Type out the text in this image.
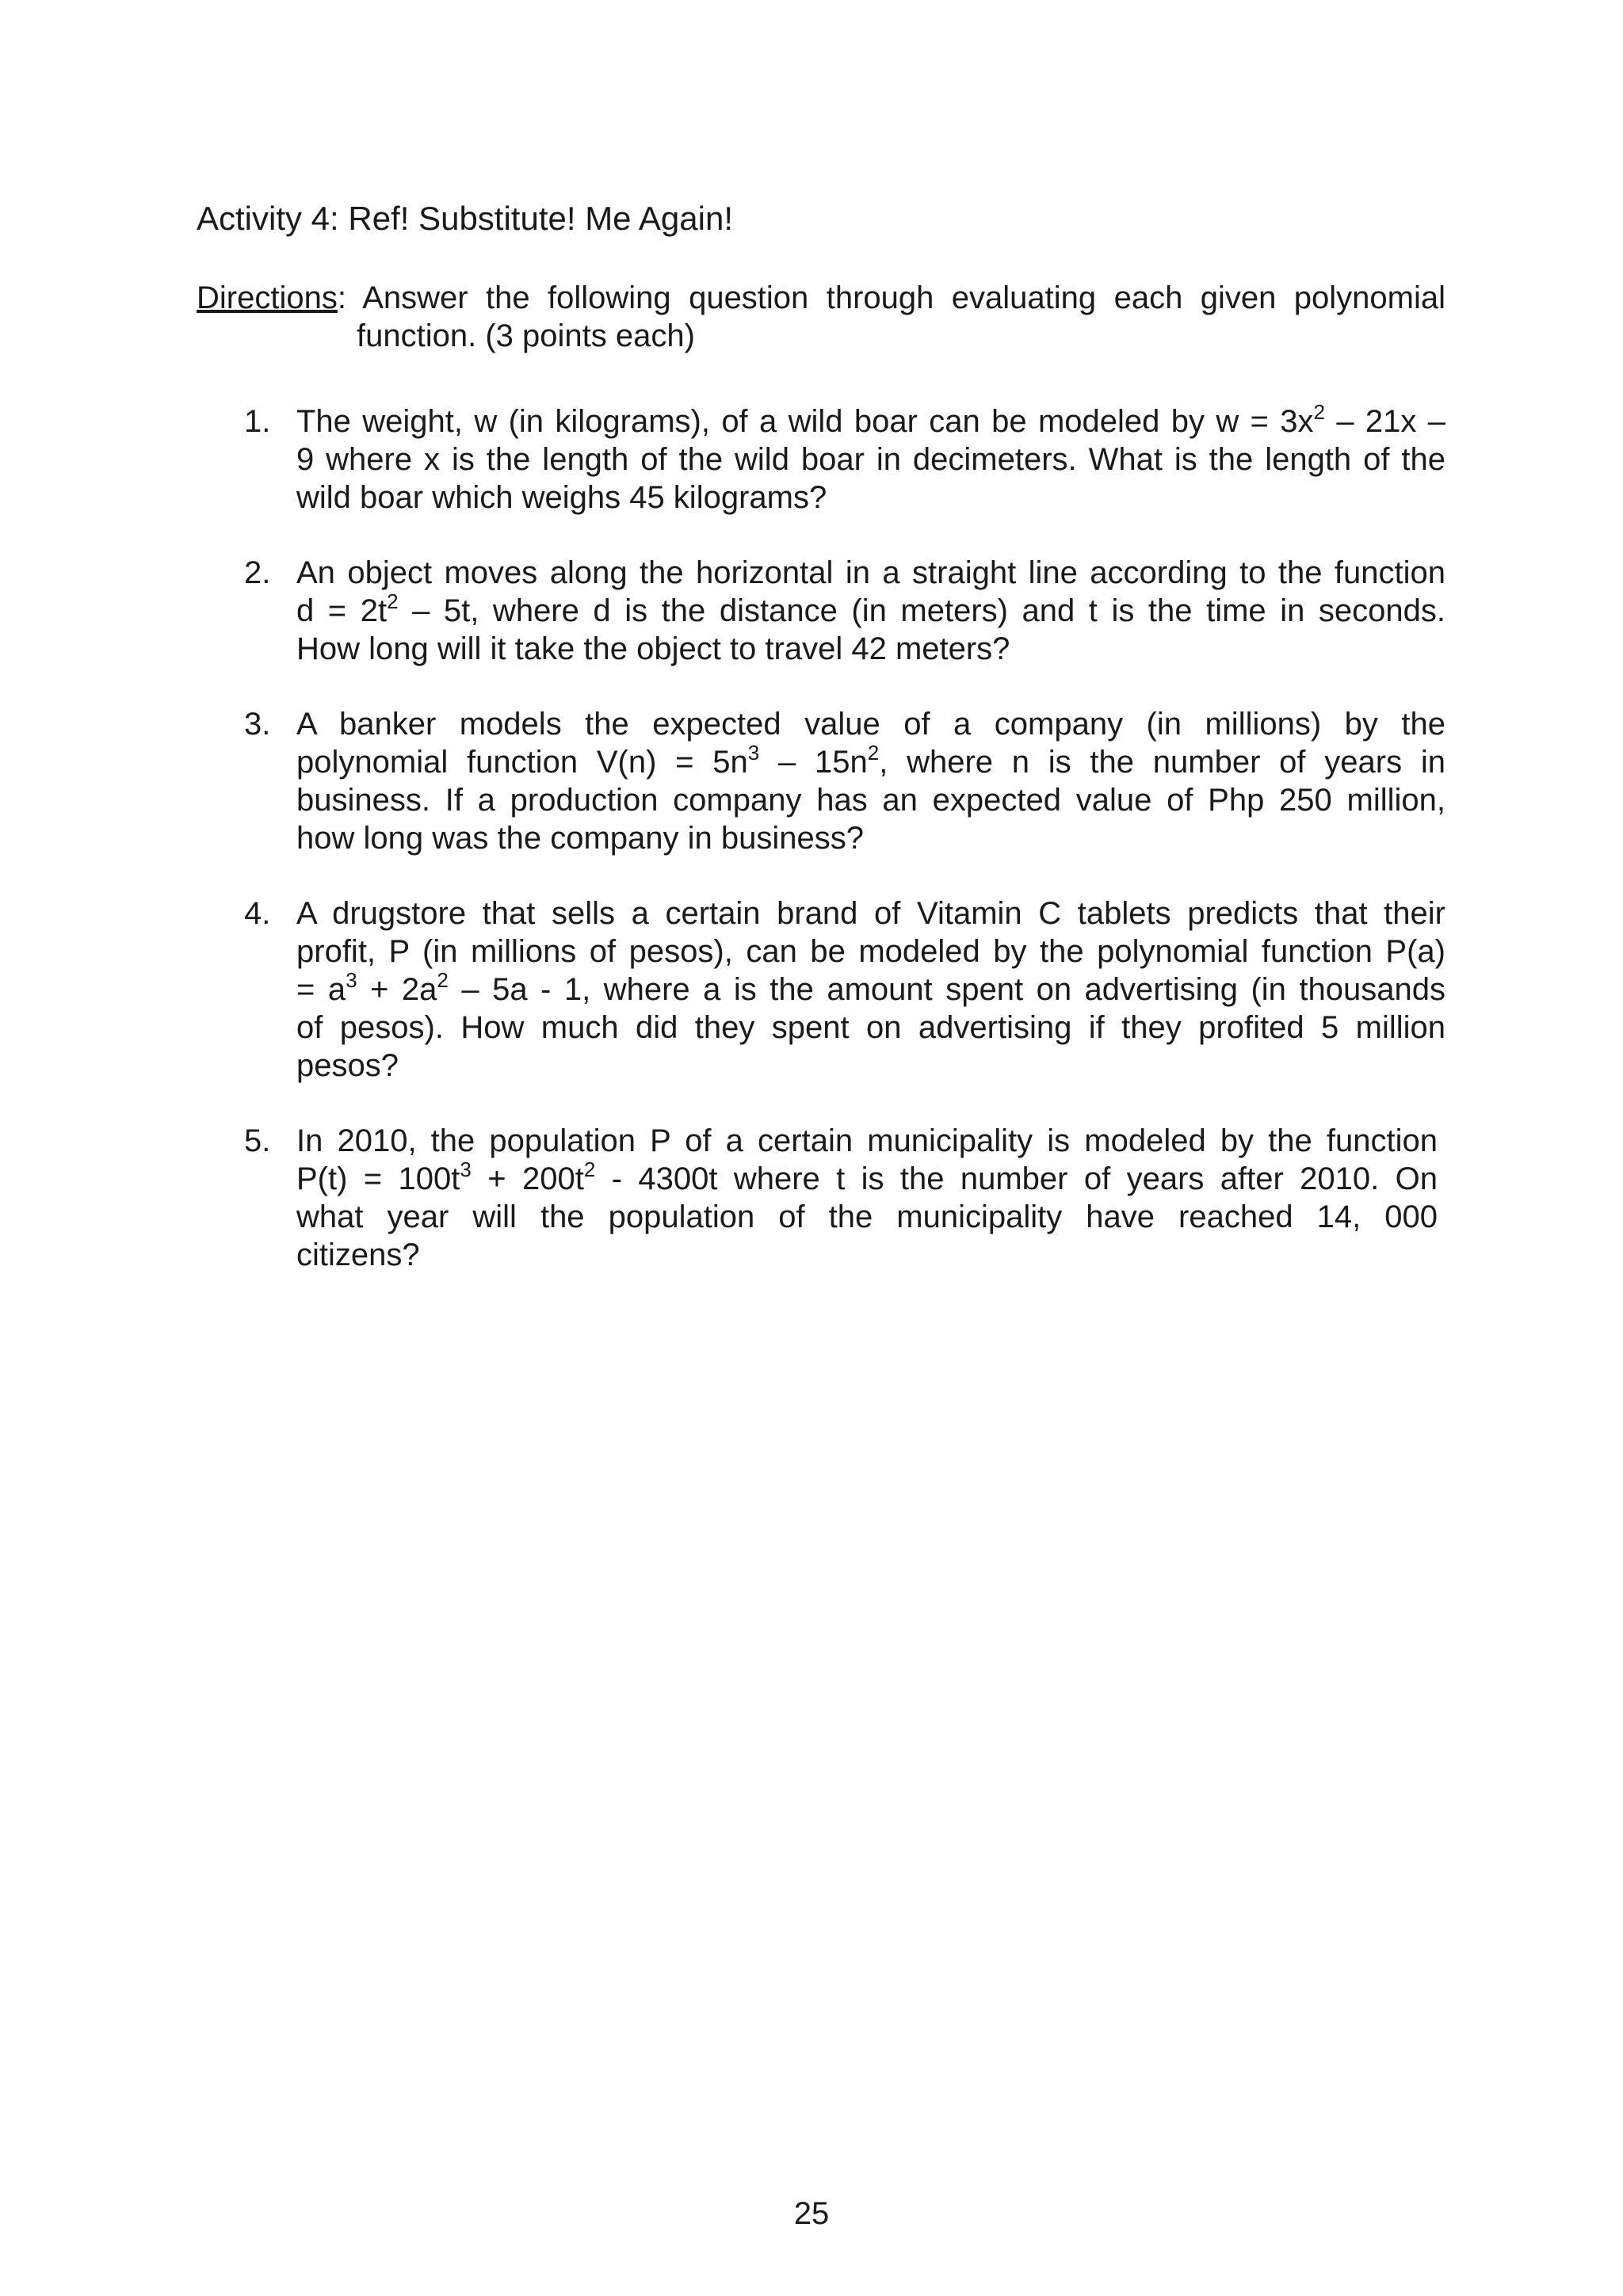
Activity 4: Ref! Substitute! Me Again!
Directions: Answer the following question through evaluating each given polynomial
function. (3 points each)
1. The weight, w (in kilograms), of a wild boar can be modeled by $w = 3x^2 - 21x$ –
9 where x is the length of the wild boar in decimeters. What is the length of the
wild boar which weighs 45 kilograms?
2. An object moves along the horizontal in a straight line according to the function
$d = 2t^2 - 5t$, where d is the distance (in meters) and t is the time in seconds.
How long will it take the object to travel 42 meters?
3. A banker models the expected value of a company (in millions) by the
polynomial function $V(n) = 5n^3 - 15n^2$, where n is the number of years in
business. If a production company has an expected value of Php 250 million,
how long was the company in business?
4. A drugstore that sells a certain brand of Vitamin C tablets predicts that their
profit, P (in millions of pesos), can be modeled by the polynomial function P(a)
= $a^3 + 2a^2 - 5a - 1$, where a is the amount spent on advertising (in thousands
of pesos). How much did they spent on advertising if they profited 5 million
pesos?
5. In 2010, the population P of a certain municipality is modeled by the function
$P(t) = 100t^3 + 200t^2 - 4300t$ where t is the number of years after 2010. On
what year will the population of the municipality have reached 14, 000
citizens?
25
